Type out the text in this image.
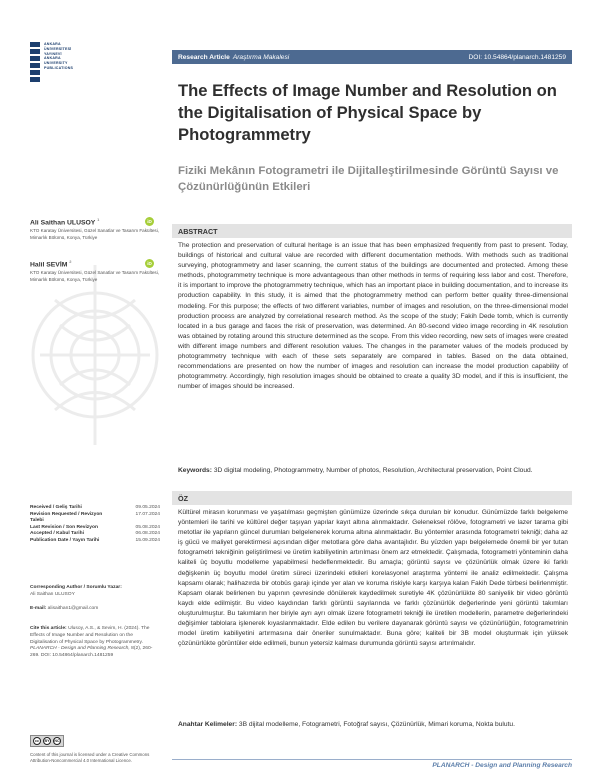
ANKARA
ÜNİVERSİTESİ
YAYINEVİ
ANKARA
UNIVERSITY
PUBLICATIONS
Research Article Araştırma Makalesi	DOI: 10.54864/planarch.1481259
The Effects of Image Number and Resolution on the Digitalisation of Physical Space by Photogrammetry
Fiziki Mekânın Fotogrametri ile Dijitalleştirilmesinde Görüntü Sayısı ve Çözünürlüğünün Etkileri
Ali Saithan ULUSOY $^1$	iD
KTO Karatay Üniversitesi, Güzel Sanatlar ve Tasarım Fakültesi, Mimarlık Bölümü, Konya, Türkiye
Halil SEVİM $^2$	iD
KTO Karatay Üniversitesi, Güzel Sanatlar ve Tasarım Fakültesi, Mimarlık Bölümü, Konya, Türkiye
Received / Geliş Tarihi	09.05.2024
Revision Requested / Revizyon Talebi
17.07.2024
Last Revision / Son Revizyon	05.08.2024
Accepted / Kabul Tarihi	06.08.2024
Publication Date / Yayın Tarihi	15.09.2024
Corresponding Author / Sorumlu Yazar:
Ali Saithan ULUSOY
E-mail: alisaithan1@gmail.com
Cite this article: Ulusoy, A.S., & Sevim, H. (2024). The Effects of Image Number and Resolution on the Digitalisation of Physical Space by Photogrammetry. PLANARCH - Design and Planning Research, 8(2), 260-269. DOI: 10.54864/planarch.1481259
cc	BY	NC
Content of this journal is licensed under a Creative Commons Attribution-Noncommercial 4.0 International Licence.
ABSTRACT

The protection and preservation of cultural heritage is an issue that has been emphasized frequently from past to present. Today, buildings of historical and cultural value are recorded with different documentation methods. With methods such as traditional surveying, photogrammetry and laser scanning, the current status of the buildings are documented and protected. Among these methods, photogrammetry technique is more advantageous than other methods in terms of requiring less labor and cost. Therefore, it is important to improve the photogrammetry technique, which has an important place in building documentation, and to increase its production capability. In this study, it is aimed that the photogrammetry method can perform better quality three-dimensional modeling. For this purpose; the effects of two different variables, number of images and resolution, on the three-dimensional model production process are analyzed by correlational research method. As the scope of the study; Fakih Dede tomb, which is currently located in a bus garage and faces the risk of preservation, was determined. An 80-second video image recording in 4K resolution was obtained by rotating around this structure determined as the scope. From this video recording, new sets of images were created with different image numbers and different resolution values. The changes in the parameter values of the models produced by photogrammetry technique with each of these sets separately are compared in tables. Based on the data obtained, recommendations are presented on how the number of images and resolution can increase the model production capability of photogrammetry. Accordingly, high resolution images should be obtained to create a quality 3D model, and if this is insufficient, the number of images should be increased.

Keywords: 3D digital modeling, Photogrammetry, Number of photos, Resolution, Architectural preservation, Point Cloud.

ÖZ

Kültürel mirasın korunması ve yaşatılması geçmişten günümüze üzerinde sıkça durulan bir konudur. Günümüzde farklı belgeleme yöntemleri ile tarihi ve kültürel değer taşıyan yapılar kayıt altına alınmaktadır. Geleneksel rölöve, fotogrametri ve lazer tarama gibi metotlar ile yapıların güncel durumları belgelenerek koruma altına alınmaktadır. Bu yöntemler arasında fotogrametri tekniği; daha az iş gücü ve maliyet gerektirmesi açısından diğer metotlara göre daha avantajlıdır. Bu yüzden yapı belgelemede önemli bir yer tutan fotogrametri tekniğinin geliştirilmesi ve üretim kabiliyetinin artırılması önem arz etmektedir. Çalışmada, fotogrametri yönteminin daha kaliteli üç boyutlu modelleme yapabilmesi hedeflenmektedir. Bu amaçla; görüntü sayısı ve çözünürlük olmak üzere iki farklı değişkenin üç boyutlu model üretim süreci üzerindeki etkileri korelasyonel araştırma yöntemi ile analiz edilmektedir. Çalışma kapsamı olarak; halihazırda bir otobüs garajı içinde yer alan ve koruma riskiyle karşı karşıya kalan Fakih Dede türbesi belirlenmiştir. Kapsam olarak belirlenen bu yapının çevresinde dönülerek kaydedilmek suretiyle 4K çözünürlükte 80 saniyelik bir video görüntü kaydı elde edilmiştir. Bu video kaydından farklı görüntü sayılarında ve farklı çözünürlük değerlerinde yeni görüntü takımları oluşturulmuştur. Bu takımların her biriyle ayrı ayrı olmak üzere fotogrametri tekniği ile üretilen modellerin, parametre değerlerindeki değişimler tablolara işlenerek kıyaslanmaktadır. Elde edilen bu verilere dayanarak görüntü sayısı ve çözünürlüğün, fotogrametrinin model üretim kabiliyetini artırmasına dair öneriler sunulmaktadır. Buna göre; kaliteli bir 3B model oluşturmak için yüksek çözünürlükte görüntüler elde edilmeli, bunun yetersiz kalması durumunda görüntü sayısı artırılmalıdır.

Anahtar Kelimeler: 3B dijital modelleme, Fotogrametri, Fotoğraf sayısı, Çözünürlük, Mimari koruma, Nokta bulutu.

PLANARCH - Design and Planning Research
